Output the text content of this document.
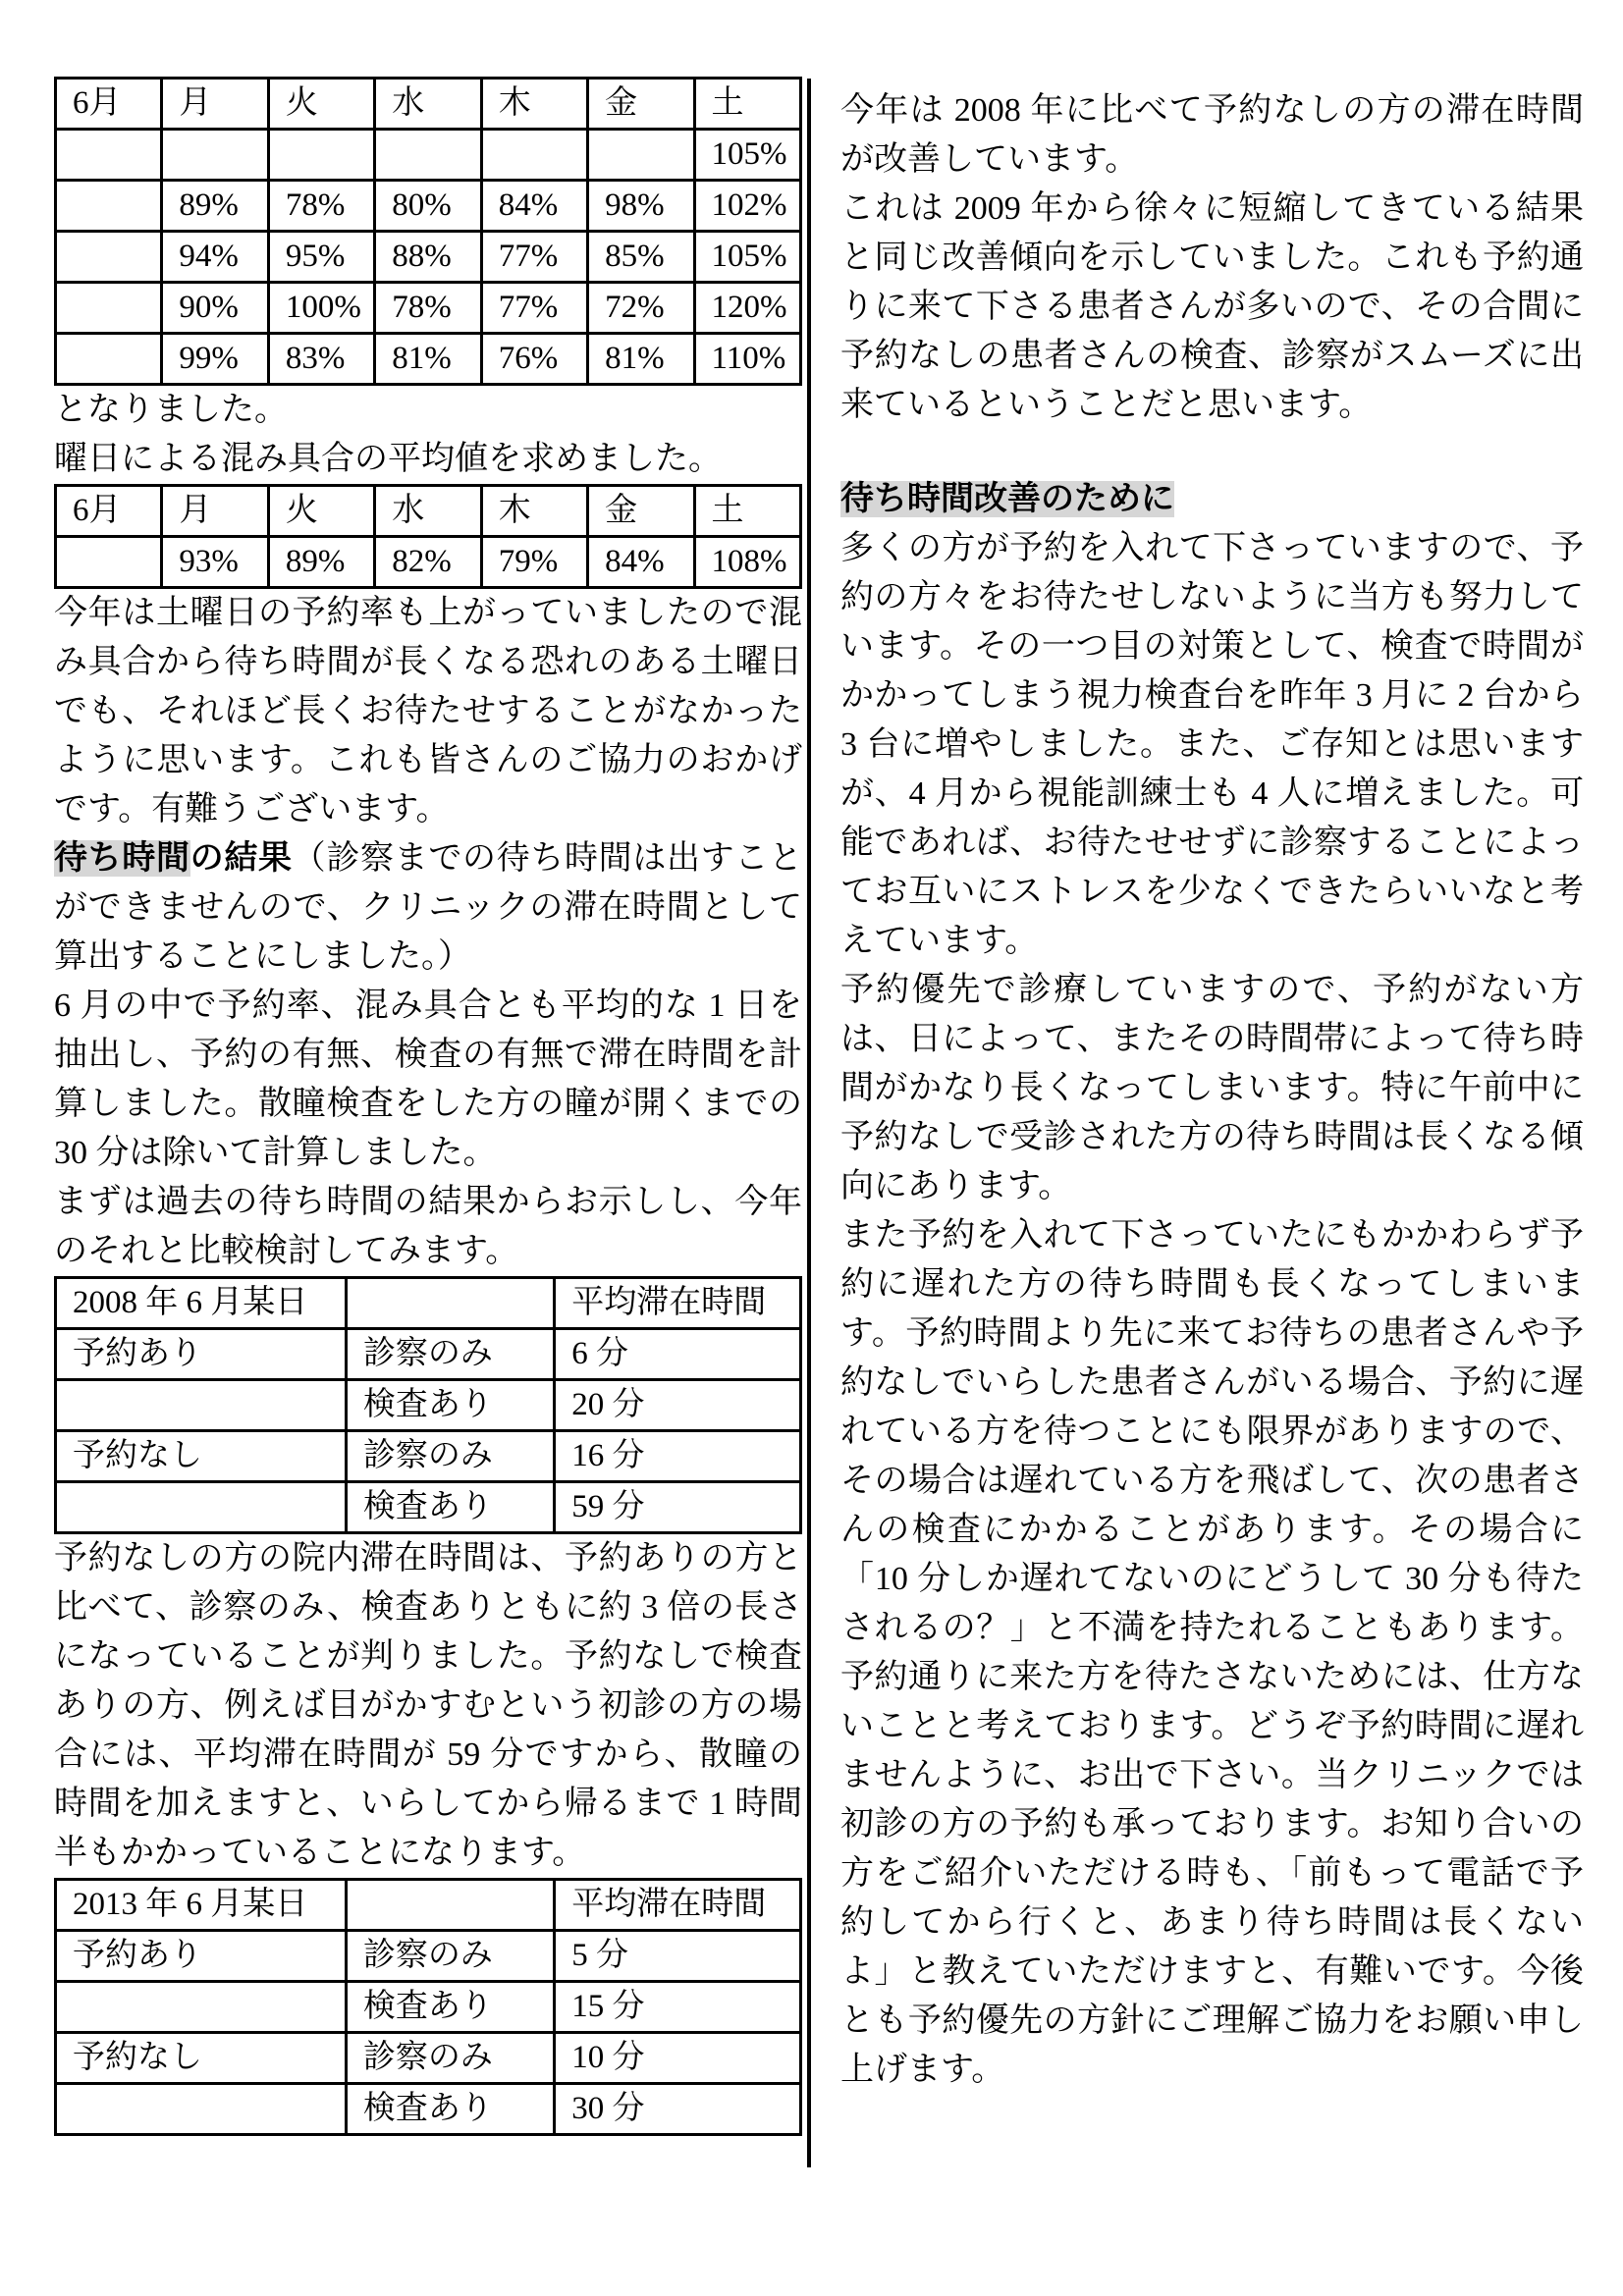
6月	月	火	水	木	金	土
						105%
	89%	78%	80%	84%	98%	102%
	94%	95%	88%	77%	85%	105%
	90%	100%	78%	77%	72%	120%
	99%	83%	81%	76%	81%	110%

となりました。

曜日による混み具合の平均値を求めました。

6月	月	火	水	木	金	土
	93%	89%	82%	79%	84%	108%

今年は土曜日の予約率も上がっていましたので混み具合から待ち時間が長くなる恐れのある土曜日でも、それほど長くお待たせすることがなかったように思います。これも皆さんのご協力のおかげです。有難うございます。

待ち時間の結果（診察までの待ち時間は出すことができませんので、クリニックの滞在時間として算出することにしました。）

6 月の中で予約率、混み具合とも平均的な 1 日を抽出し、予約の有無、検査の有無で滞在時間を計算しました。散瞳検査をした方の瞳が開くまでの 30 分は除いて計算しました。

まずは過去の待ち時間の結果からお示しし、今年のそれと比較検討してみます。

2008 年 6 月某日		平均滞在時間
予約あり	診察のみ	6 分
	検査あり	20 分
予約なし	診察のみ	16 分
	検査あり	59 分

予約なしの方の院内滞在時間は、予約ありの方と比べて、診察のみ、検査ありともに約 3 倍の長さになっていることが判りました。予約なしで検査ありの方、例えば目がかすむという初診の方の場合には、平均滞在時間が 59 分ですから、散瞳の時間を加えますと、いらしてから帰るまで 1 時間半もかかっていることになります。

2013 年 6 月某日		平均滞在時間
予約あり	診察のみ	5 分
	検査あり	15 分
予約なし	診察のみ	10 分
	検査あり	30 分

今年は 2008 年に比べて予約なしの方の滞在時間が改善しています。

これは 2009 年から徐々に短縮してきている結果と同じ改善傾向を示していました。これも予約通りに来て下さる患者さんが多いので、その合間に予約なしの患者さんの検査、診察がスムーズに出来ているということだと思います。

待ち時間改善のために

多くの方が予約を入れて下さっていますので、予約の方々をお待たせしないように当方も努力しています。その一つ目の対策として、検査で時間がかかってしまう視力検査台を昨年 3 月に 2 台から 3 台に増やしました。また、ご存知とは思いますが、4 月から視能訓練士も 4 人に増えました。可能であれば、お待たせせずに診察することによってお互いにストレスを少なくできたらいいなと考えています。

予約優先で診療していますので、予約がない方は、日によって、またその時間帯によって待ち時間がかなり長くなってしまいます。特に午前中に予約なしで受診された方の待ち時間は長くなる傾向にあります。

また予約を入れて下さっていたにもかかわらず予約に遅れた方の待ち時間も長くなってしまいます。予約時間より先に来てお待ちの患者さんや予約なしでいらした患者さんがいる場合、予約に遅れている方を待つことにも限界がありますので、その場合は遅れている方を飛ばして、次の患者さんの検査にかかることがあります。その場合に「10 分しか遅れてないのにどうして 30 分も待たされるの？」と不満を持たれることもあります。予約通りに来た方を待たさないためには、仕方ないことと考えております。どうぞ予約時間に遅れませんように、お出で下さい。当クリニックでは初診の方の予約も承っております。お知り合いの方をご紹介いただける時も、「前もって電話で予約してから行くと、あまり待ち時間は長くないよ」と教えていただけますと、有難いです。今後とも予約優先の方針にご理解ご協力をお願い申し上げます。
